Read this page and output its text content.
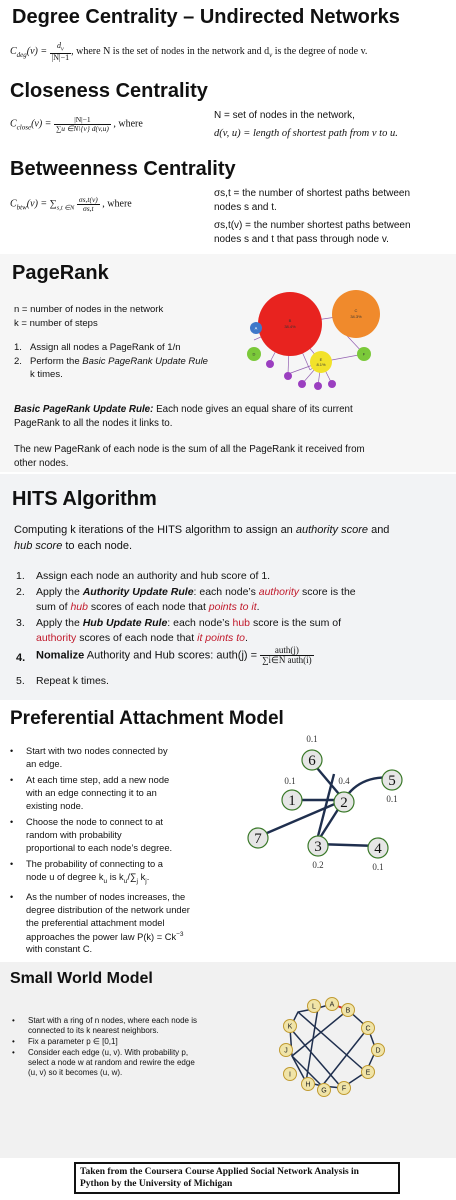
Degree Centrality – Undirected Networks
$C_{deg}(v) = \frac{d_v}{|N|-1}$ , where N is the set of nodes in the network and $d_v$ is the degree of node v.
Closeness Centrality
$C_{close}(v) = \frac{|N|-1}{\sum u \in N\backslash\{v\} d(v,u)}$ , where
N = set of nodes in the network,
d(v, u) = length of shortest path from v to u.
Betweenness Centrality
$C_{btw}(v) = \sum_{s,t \in N} \frac{\sigma s,t(v)}{\sigma s,t}$ , where
σs,t = the number of shortest paths between
nodes s and t.
σs,t(v) = the number shortest paths between
nodes s and t that pass through node v.
PageRank
n = number of nodes in the network
k = number of steps
1. Assign all nodes a PageRank of 1/n
2. Perform the Basic PageRank Update Rule
k times.
B
38.4%
C
34.3%
E
8.1%
A
D	F
Basic PageRank Update Rule: Each node gives an equal share of its current
PageRank to all the nodes it links to.
The new PageRank of each node is the sum of all the PageRank it received from
other nodes.
HITS Algorithm
Computing k iterations of the HITS algorithm to assign an authority score and
hub score to each node.
1. Assign each node an authority and hub score of 1.
2. Apply the Authority Update Rule: each node’s authority score is the
sum of hub scores of each node that points to it.
3. Apply the Hub Update Rule: each node’s hub score is the sum of
authority scores of each node that it points to.
4. Nomalize Authority and Hub scores: auth(j) = $\frac{\text{auth(j)}}{\text{∑i∈N auth(i)}}$
5. Repeat k times.
Preferential Attachment Model
• Start with two nodes connected by
an edge.
• At each time step, add a new node
with an edge connecting it to an
existing node.
• Choose the node to connect to at
random with probability
proportional to each node’s degree.
• The probability of connecting to a
node u of degree $k_u$ is $k_u/\sum_j$ $k_j$.
• As the number of nodes increases, the
degree distribution of the network under
the preferential attachment model
approaches the power law $P(k) = Ck^{-3}$
with constant C.
6
1	2
5
7	3	4
0.1
0.1	0.4
0.1
0.2	0.1
Small World Model
• Start with a ring of n nodes, where each node is
connected to its k nearest neighbors.
• Fix a parameter p ∈ [0,1]
• Consider each edge (u, v). With probability p,
select a node w at random and rewire the edge
(u, v) so it becomes (u, w).
A
B
C
D
E
F
G
H
I
J
K
L
Taken from the Coursera Course Applied Social Network Analysis in
Python by the University of Michigan
